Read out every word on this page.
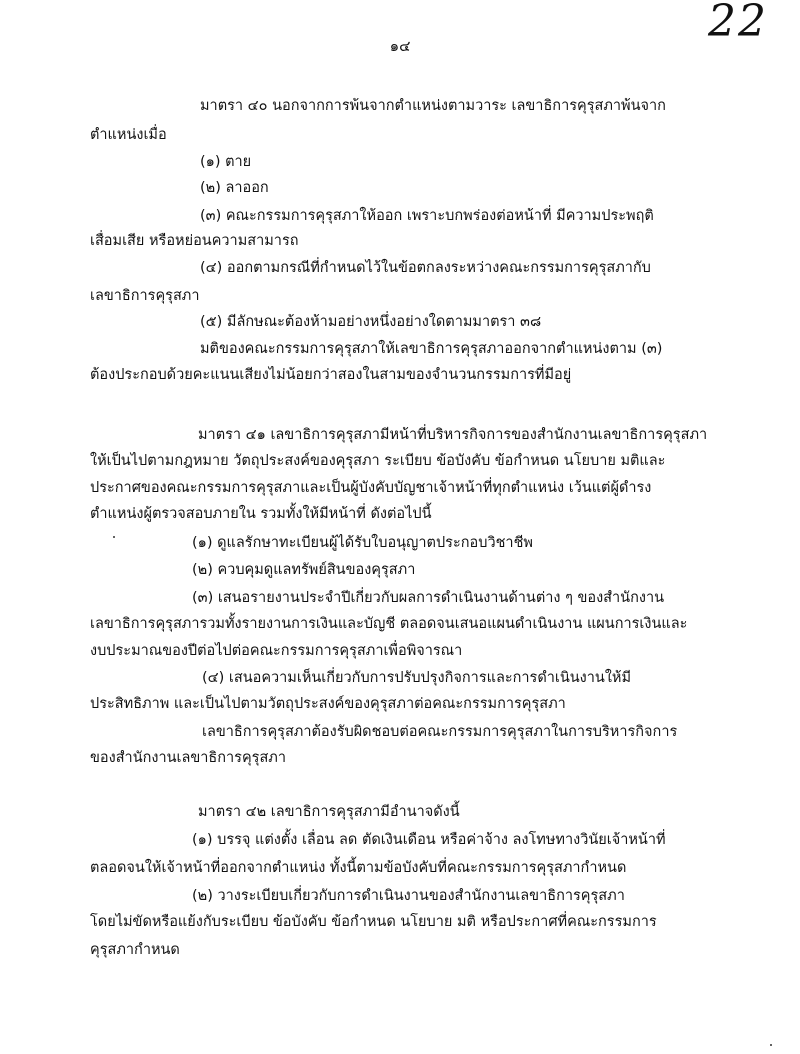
22
๑๔
มาตรา ๔๐ นอกจากการพ้นจากตำแหน่งตามวาระ เลขาธิการคุรุสภาพ้นจาก
ตำแหน่งเมื่อ
(๑) ตาย
(๒) ลาออก
(๓) คณะกรรมการคุรุสภาให้ออก เพราะบกพร่องต่อหน้าที่ มีความประพฤติ
เสื่อมเสีย หรือหย่อนความสามารถ
(๔) ออกตามกรณีที่กำหนดไว้ในข้อตกลงระหว่างคณะกรรมการคุรุสภากับ
เลขาธิการคุรุสภา
(๕) มีลักษณะต้องห้ามอย่างหนึ่งอย่างใดตามมาตรา ๓๘
มติของคณะกรรมการคุรุสภาให้เลขาธิการคุรุสภาออกจากตำแหน่งตาม (๓)
ต้องประกอบด้วยคะแนนเสียงไม่น้อยกว่าสองในสามของจำนวนกรรมการที่มีอยู่
มาตรา ๔๑ เลขาธิการคุรุสภามีหน้าที่บริหารกิจการของสำนักงานเลขาธิการคุรุสภา
ให้เป็นไปตามกฎหมาย วัตถุประสงค์ของคุรุสภา ระเบียบ ข้อบังคับ ข้อกำหนด นโยบาย มติและ
ประกาศของคณะกรรมการคุรุสภาและเป็นผู้บังคับบัญชาเจ้าหน้าที่ทุกตำแหน่ง เว้นแต่ผู้ดำรง
ตำแหน่งผู้ตรวจสอบภายใน รวมทั้งให้มีหน้าที่ ดังต่อไปนี้
(๑) ดูแลรักษาทะเบียนผู้ได้รับใบอนุญาตประกอบวิชาชีพ
(๒) ควบคุมดูแลทรัพย์สินของคุรุสภา
(๓) เสนอรายงานประจำปีเกี่ยวกับผลการดำเนินงานด้านต่าง ๆ ของสำนักงาน
เลขาธิการคุรุสภารวมทั้งรายงานการเงินและบัญชี ตลอดจนเสนอแผนดำเนินงาน แผนการเงินและ
งบประมาณของปีต่อไปต่อคณะกรรมการคุรุสภาเพื่อพิจารณา
(๔) เสนอความเห็นเกี่ยวกับการปรับปรุงกิจการและการดำเนินงานให้มี
ประสิทธิภาพ และเป็นไปตามวัตถุประสงค์ของคุรุสภาต่อคณะกรรมการคุรุสภา
เลขาธิการคุรุสภาต้องรับผิดชอบต่อคณะกรรมการคุรุสภาในการบริหารกิจการ
ของสำนักงานเลขาธิการคุรุสภา
มาตรา ๔๒ เลขาธิการคุรุสภามีอำนาจดังนี้
(๑) บรรจุ แต่งตั้ง เลื่อน ลด ตัดเงินเดือน หรือค่าจ้าง ลงโทษทางวินัยเจ้าหน้าที่
ตลอดจนให้เจ้าหน้าที่ออกจากตำแหน่ง ทั้งนี้ตามข้อบังคับที่คณะกรรมการคุรุสภากำหนด
(๒) วางระเบียบเกี่ยวกับการดำเนินงานของสำนักงานเลขาธิการคุรุสภา
โดยไม่ขัดหรือแย้งกับระเบียบ ข้อบังคับ ข้อกำหนด นโยบาย มติ หรือประกาศที่คณะกรรมการ
คุรุสภากำหนด
